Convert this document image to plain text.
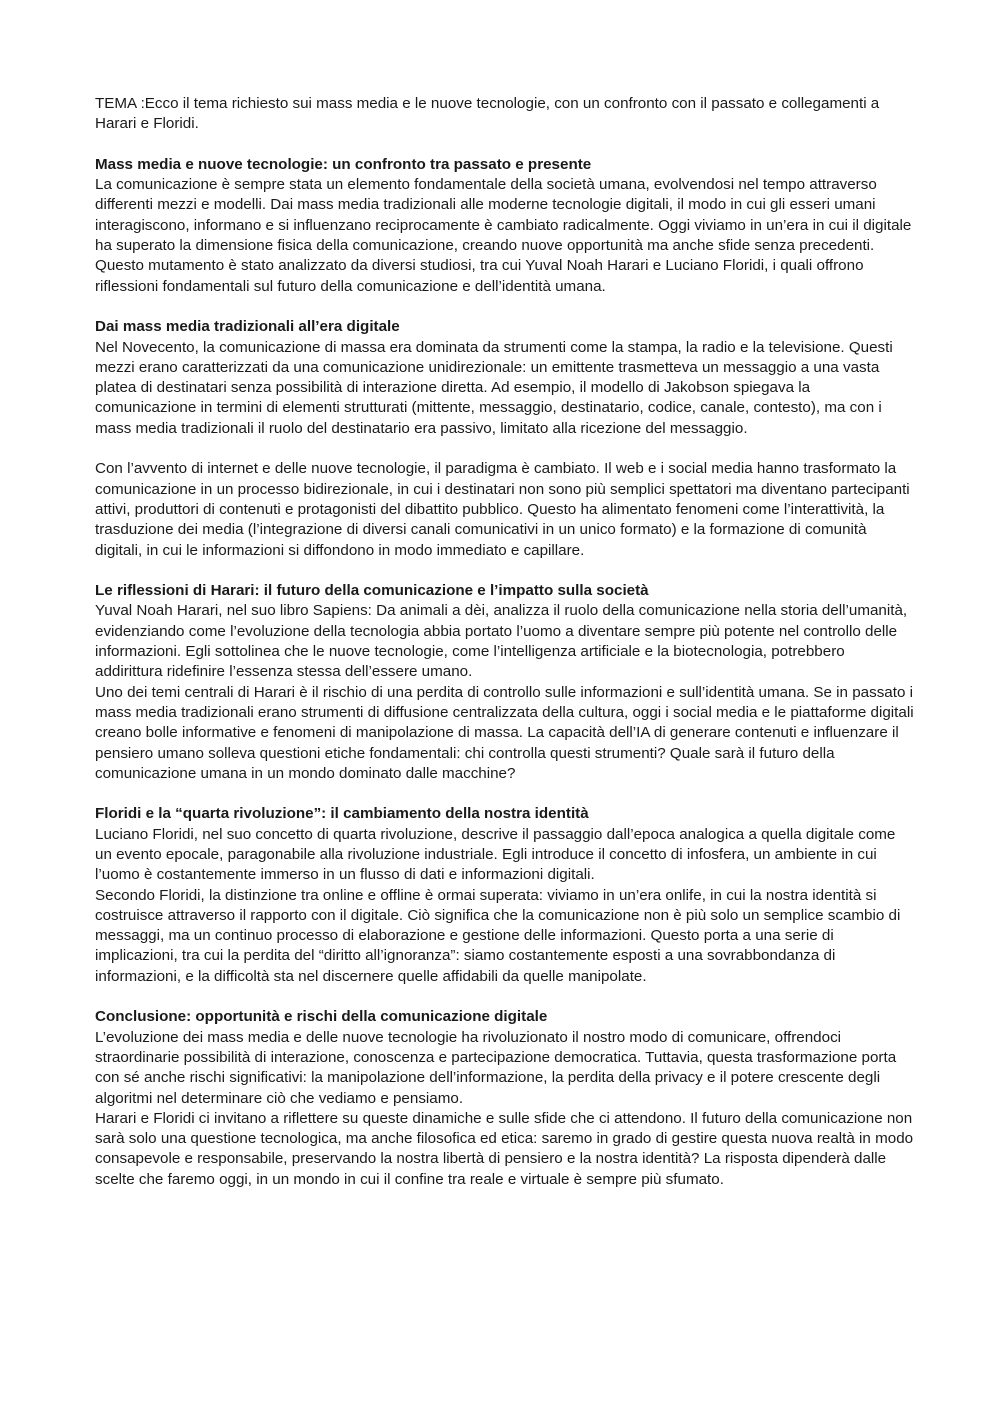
TEMA :Ecco il tema richiesto sui mass media e le nuove tecnologie, con un confronto con il passato e collegamenti a Harari e Floridi.

Mass media e nuove tecnologie: un confronto tra passato e presente

La comunicazione è sempre stata un elemento fondamentale della società umana, evolvendosi nel tempo attraverso differenti mezzi e modelli. Dai mass media tradizionali alle moderne tecnologie digitali, il modo in cui gli esseri umani interagiscono, informano e si influenzano reciprocamente è cambiato radicalmente. Oggi viviamo in un’era in cui il digitale ha superato la dimensione fisica della comunicazione, creando nuove opportunità ma anche sfide senza precedenti. Questo mutamento è stato analizzato da diversi studiosi, tra cui Yuval Noah Harari e Luciano Floridi, i quali offrono riflessioni fondamentali sul futuro della comunicazione e dell’identità umana.

Dai mass media tradizionali all’era digitale

Nel Novecento, la comunicazione di massa era dominata da strumenti come la stampa, la radio e la televisione. Questi mezzi erano caratterizzati da una comunicazione unidirezionale: un emittente trasmetteva un messaggio a una vasta platea di destinatari senza possibilità di interazione diretta. Ad esempio, il modello di Jakobson spiegava la comunicazione in termini di elementi strutturati (mittente, messaggio, destinatario, codice, canale, contesto), ma con i mass media tradizionali il ruolo del destinatario era passivo, limitato alla ricezione del messaggio.

Con l’avvento di internet e delle nuove tecnologie, il paradigma è cambiato. Il web e i social media hanno trasformato la comunicazione in un processo bidirezionale, in cui i destinatari non sono più semplici spettatori ma diventano partecipanti attivi, produttori di contenuti e protagonisti del dibattito pubblico. Questo ha alimentato fenomeni come l’interattività, la trasduzione dei media (l’integrazione di diversi canali comunicativi in un unico formato) e la formazione di comunità digitali, in cui le informazioni si diffondono in modo immediato e capillare.

Le riflessioni di Harari: il futuro della comunicazione e l’impatto sulla società

Yuval Noah Harari, nel suo libro Sapiens: Da animali a dèi, analizza il ruolo della comunicazione nella storia dell’umanità, evidenziando come l’evoluzione della tecnologia abbia portato l’uomo a diventare sempre più potente nel controllo delle informazioni. Egli sottolinea che le nuove tecnologie, come l’intelligenza artificiale e la biotecnologia, potrebbero addirittura ridefinire l’essenza stessa dell’essere umano.

Uno dei temi centrali di Harari è il rischio di una perdita di controllo sulle informazioni e sull’identità umana. Se in passato i mass media tradizionali erano strumenti di diffusione centralizzata della cultura, oggi i social media e le piattaforme digitali creano bolle informative e fenomeni di manipolazione di massa. La capacità dell’IA di generare contenuti e influenzare il pensiero umano solleva questioni etiche fondamentali: chi controlla questi strumenti? Quale sarà il futuro della comunicazione umana in un mondo dominato dalle macchine?

Floridi e la “quarta rivoluzione”: il cambiamento della nostra identità

Luciano Floridi, nel suo concetto di quarta rivoluzione, descrive il passaggio dall’epoca analogica a quella digitale come un evento epocale, paragonabile alla rivoluzione industriale. Egli introduce il concetto di infosfera, un ambiente in cui l’uomo è costantemente immerso in un flusso di dati e informazioni digitali.

Secondo Floridi, la distinzione tra online e offline è ormai superata: viviamo in un’era onlife, in cui la nostra identità si costruisce attraverso il rapporto con il digitale. Ciò significa che la comunicazione non è più solo un semplice scambio di messaggi, ma un continuo processo di elaborazione e gestione delle informazioni. Questo porta a una serie di implicazioni, tra cui la perdita del “diritto all’ignoranza”: siamo costantemente esposti a una sovrabbondanza di informazioni, e la difficoltà sta nel discernere quelle affidabili da quelle manipolate.

Conclusione: opportunità e rischi della comunicazione digitale

L’evoluzione dei mass media e delle nuove tecnologie ha rivoluzionato il nostro modo di comunicare, offrendoci straordinarie possibilità di interazione, conoscenza e partecipazione democratica. Tuttavia, questa trasformazione porta con sé anche rischi significativi: la manipolazione dell’informazione, la perdita della privacy e il potere crescente degli algoritmi nel determinare ciò che vediamo e pensiamo.

Harari e Floridi ci invitano a riflettere su queste dinamiche e sulle sfide che ci attendono. Il futuro della comunicazione non sarà solo una questione tecnologica, ma anche filosofica ed etica: saremo in grado di gestire questa nuova realtà in modo consapevole e responsabile, preservando la nostra libertà di pensiero e la nostra identità? La risposta dipenderà dalle scelte che faremo oggi, in un mondo in cui il confine tra reale e virtuale è sempre più sfumato.
